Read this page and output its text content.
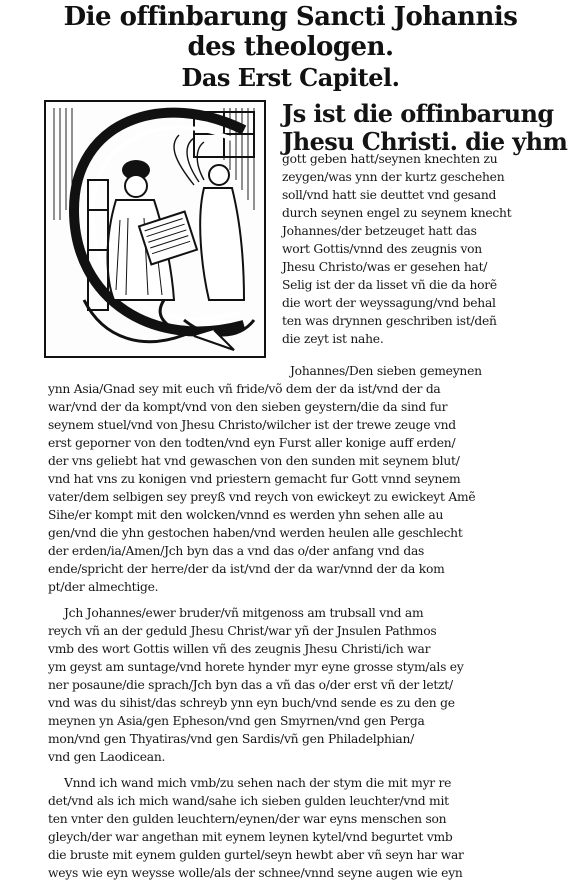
Die offinbarung Sancti Johannis
des theologen.
Das Erst Capitel.
Js ist die offinbarung
Jhesu Christi. die yhm
gott geben hatt/seynen knechten zu
zeygen/was ynn der kurtz geschehen
soll/vnd hatt sie deuttet vnd gesand
durch seynen engel zu seynem knecht
Johannes/der betzeuget hatt das
wort Gottis/vnnd des zeugnis von
Jhesu Christo/was er gesehen hat/
Selig ist der da lisset vñ die da horẽ
die wort der weyssagung/vnd behal
ten was drynnen geschriben ist/deñ
die zeyt ist nahe.
Johannes/Den sieben gemeynen
ynn Asia/Gnad sey mit euch vñ fride/võ dem der da ist/vnd der da
war/vnd der da kompt/vnd von den sieben geystern/die da sind fur
seynem stuel/vnd von Jhesu Christo/wilcher ist der trewe zeuge vnd
erst geporner von den todten/vnd eyn Furst aller konige auff erden/
der vns geliebt hat vnd gewaschen von den sunden mit seynem blut/
vnd hat vns zu konigen vnd priestern gemacht fur Gott vnnd seynem
vater/dem selbigen sey preyß vnd reych von ewickeyt zu ewickeyt Amẽ
Sihe/er kompt mit den wolcken/vnnd es werden yhn sehen alle au
gen/vnd die yhn gestochen haben/vnd werden heulen alle geschlecht
der erden/ia/Amen/Jch byn das a vnd das o/der anfang vnd das
ende/spricht der herre/der da ist/vnd der da war/vnnd der da kom
pt/der almechtige.
Jch Johannes/ewer bruder/vñ mitgenoss am trubsall vnd am
reych vñ an der geduld Jhesu Christ/war yñ der Jnsulen Pathmos
vmb des wort Gottis willen vñ des zeugnis Jhesu Christi/ich war
ym geyst am suntage/vnd horete hynder myr eyne grosse stym/als ey
ner posaune/die sprach/Jch byn das a vñ das o/der erst vñ der letzt/
vnd was du sihist/das schreyb ynn eyn buch/vnd sende es zu den ge
meynen yn Asia/gen Epheson/vnd gen Smyrnen/vnd gen Perga
mon/vnd gen Thyatiras/vnd gen Sardis/vñ gen Philadelphian/
vnd gen Laodicean.
Vnnd ich wand mich vmb/zu sehen nach der stym die mit myr re
det/vnd als ich mich wand/sahe ich sieben gulden leuchter/vnd mit
ten vnter den gulden leuchtern/eynen/der war eyns menschen son
gleych/der war angethan mit eynem leynen kytel/vnd begurtet vmb
die bruste mit eynem gulden gurtel/seyn hewbt aber vñ seyn har war
weys wie eyn weysse wolle/als der schnee/vnnd seyne augen wie eyn
